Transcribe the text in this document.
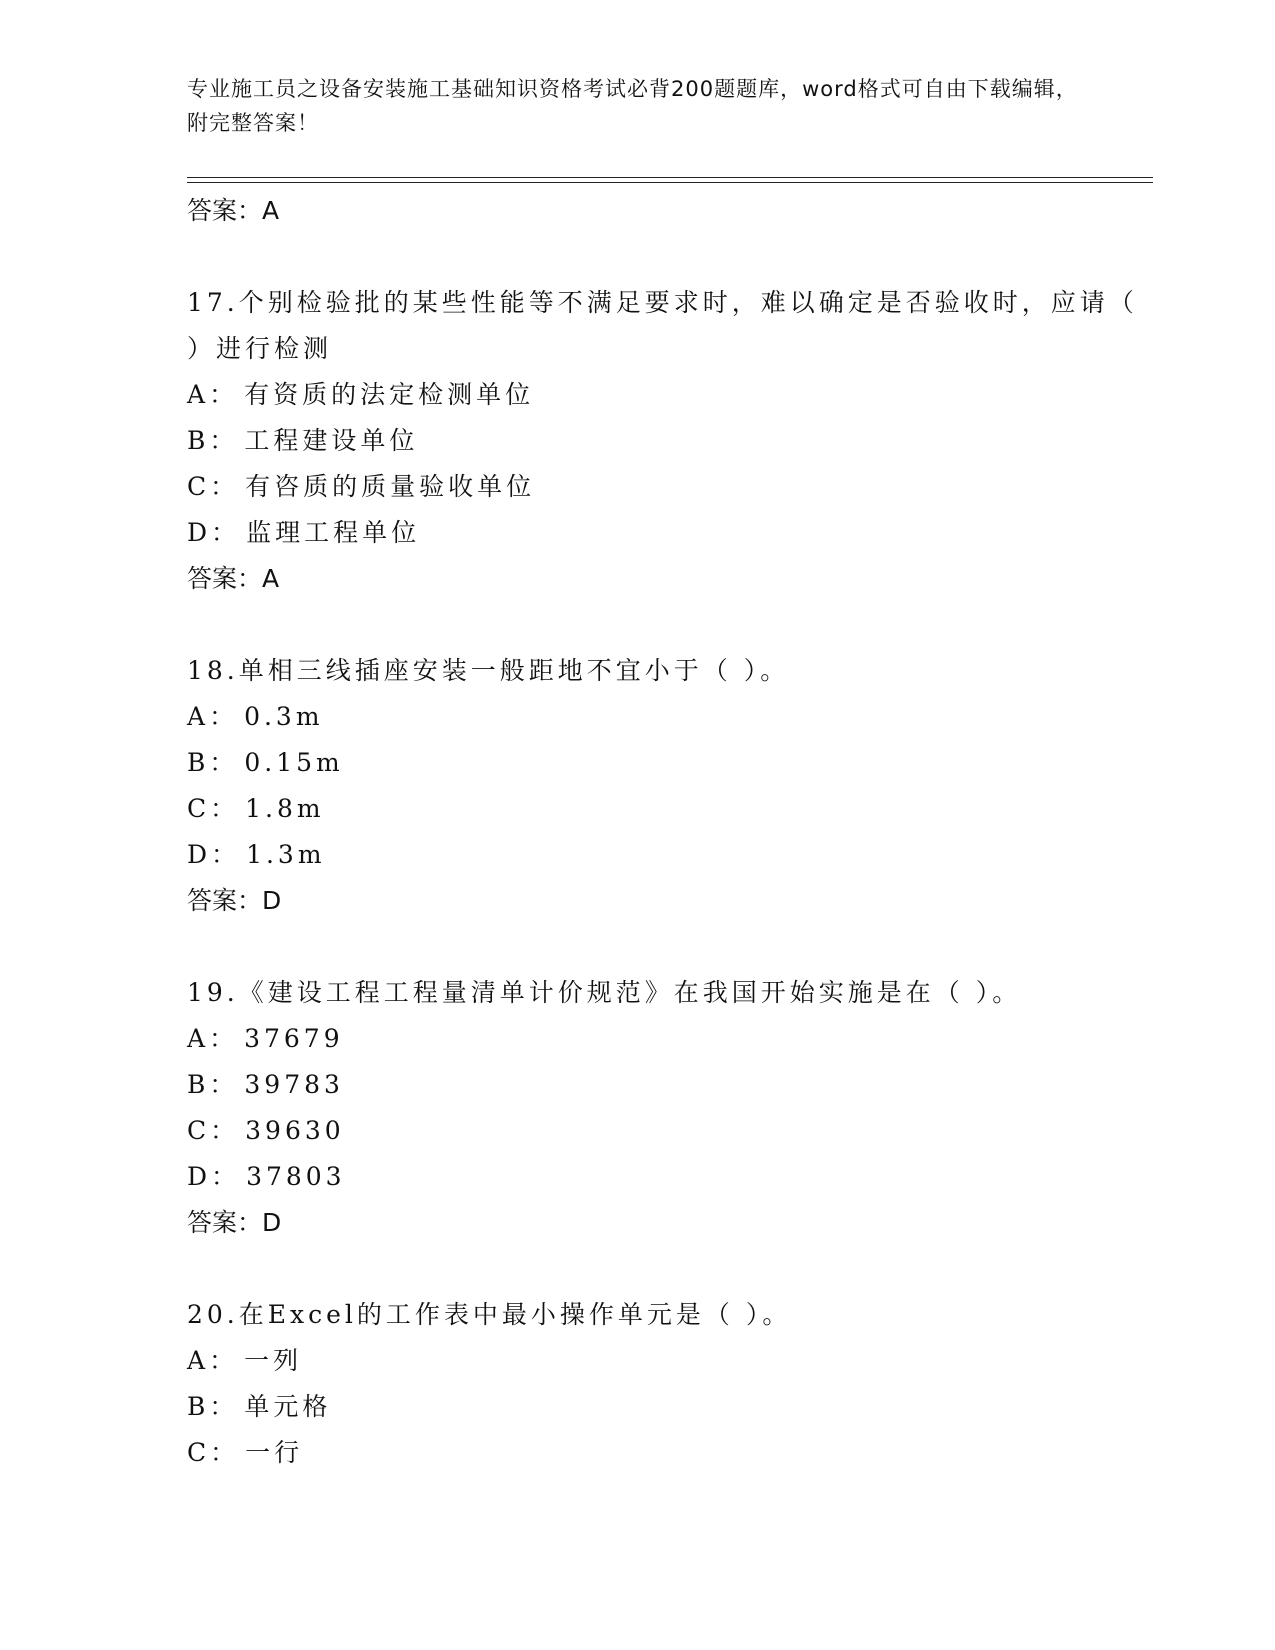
专业施工员之设备安装施工基础知识资格考试必背200题题库，word格式可自由下载编辑，附完整答案！
答案：A

17.个别检验批的某些性能等不满足要求时，难以确定是否验收时，应请（ ）进行检测

A： 有资质的法定检测单位
B： 工程建设单位
C： 有咨质的质量验收单位
D： 监理工程单位
答案：A

18.单相三线插座安装一般距地不宜小于（ ）。

A： 0.3m
B： 0.15m
C： 1.8m
D： 1.3m
答案：D

19.《建设工程工程量清单计价规范》在我国开始实施是在（ ）。

A： 37679
B： 39783
C： 39630
D： 37803
答案：D

20.在Excel的工作表中最小操作单元是（ ）。

A： 一列
B： 单元格
C： 一行
